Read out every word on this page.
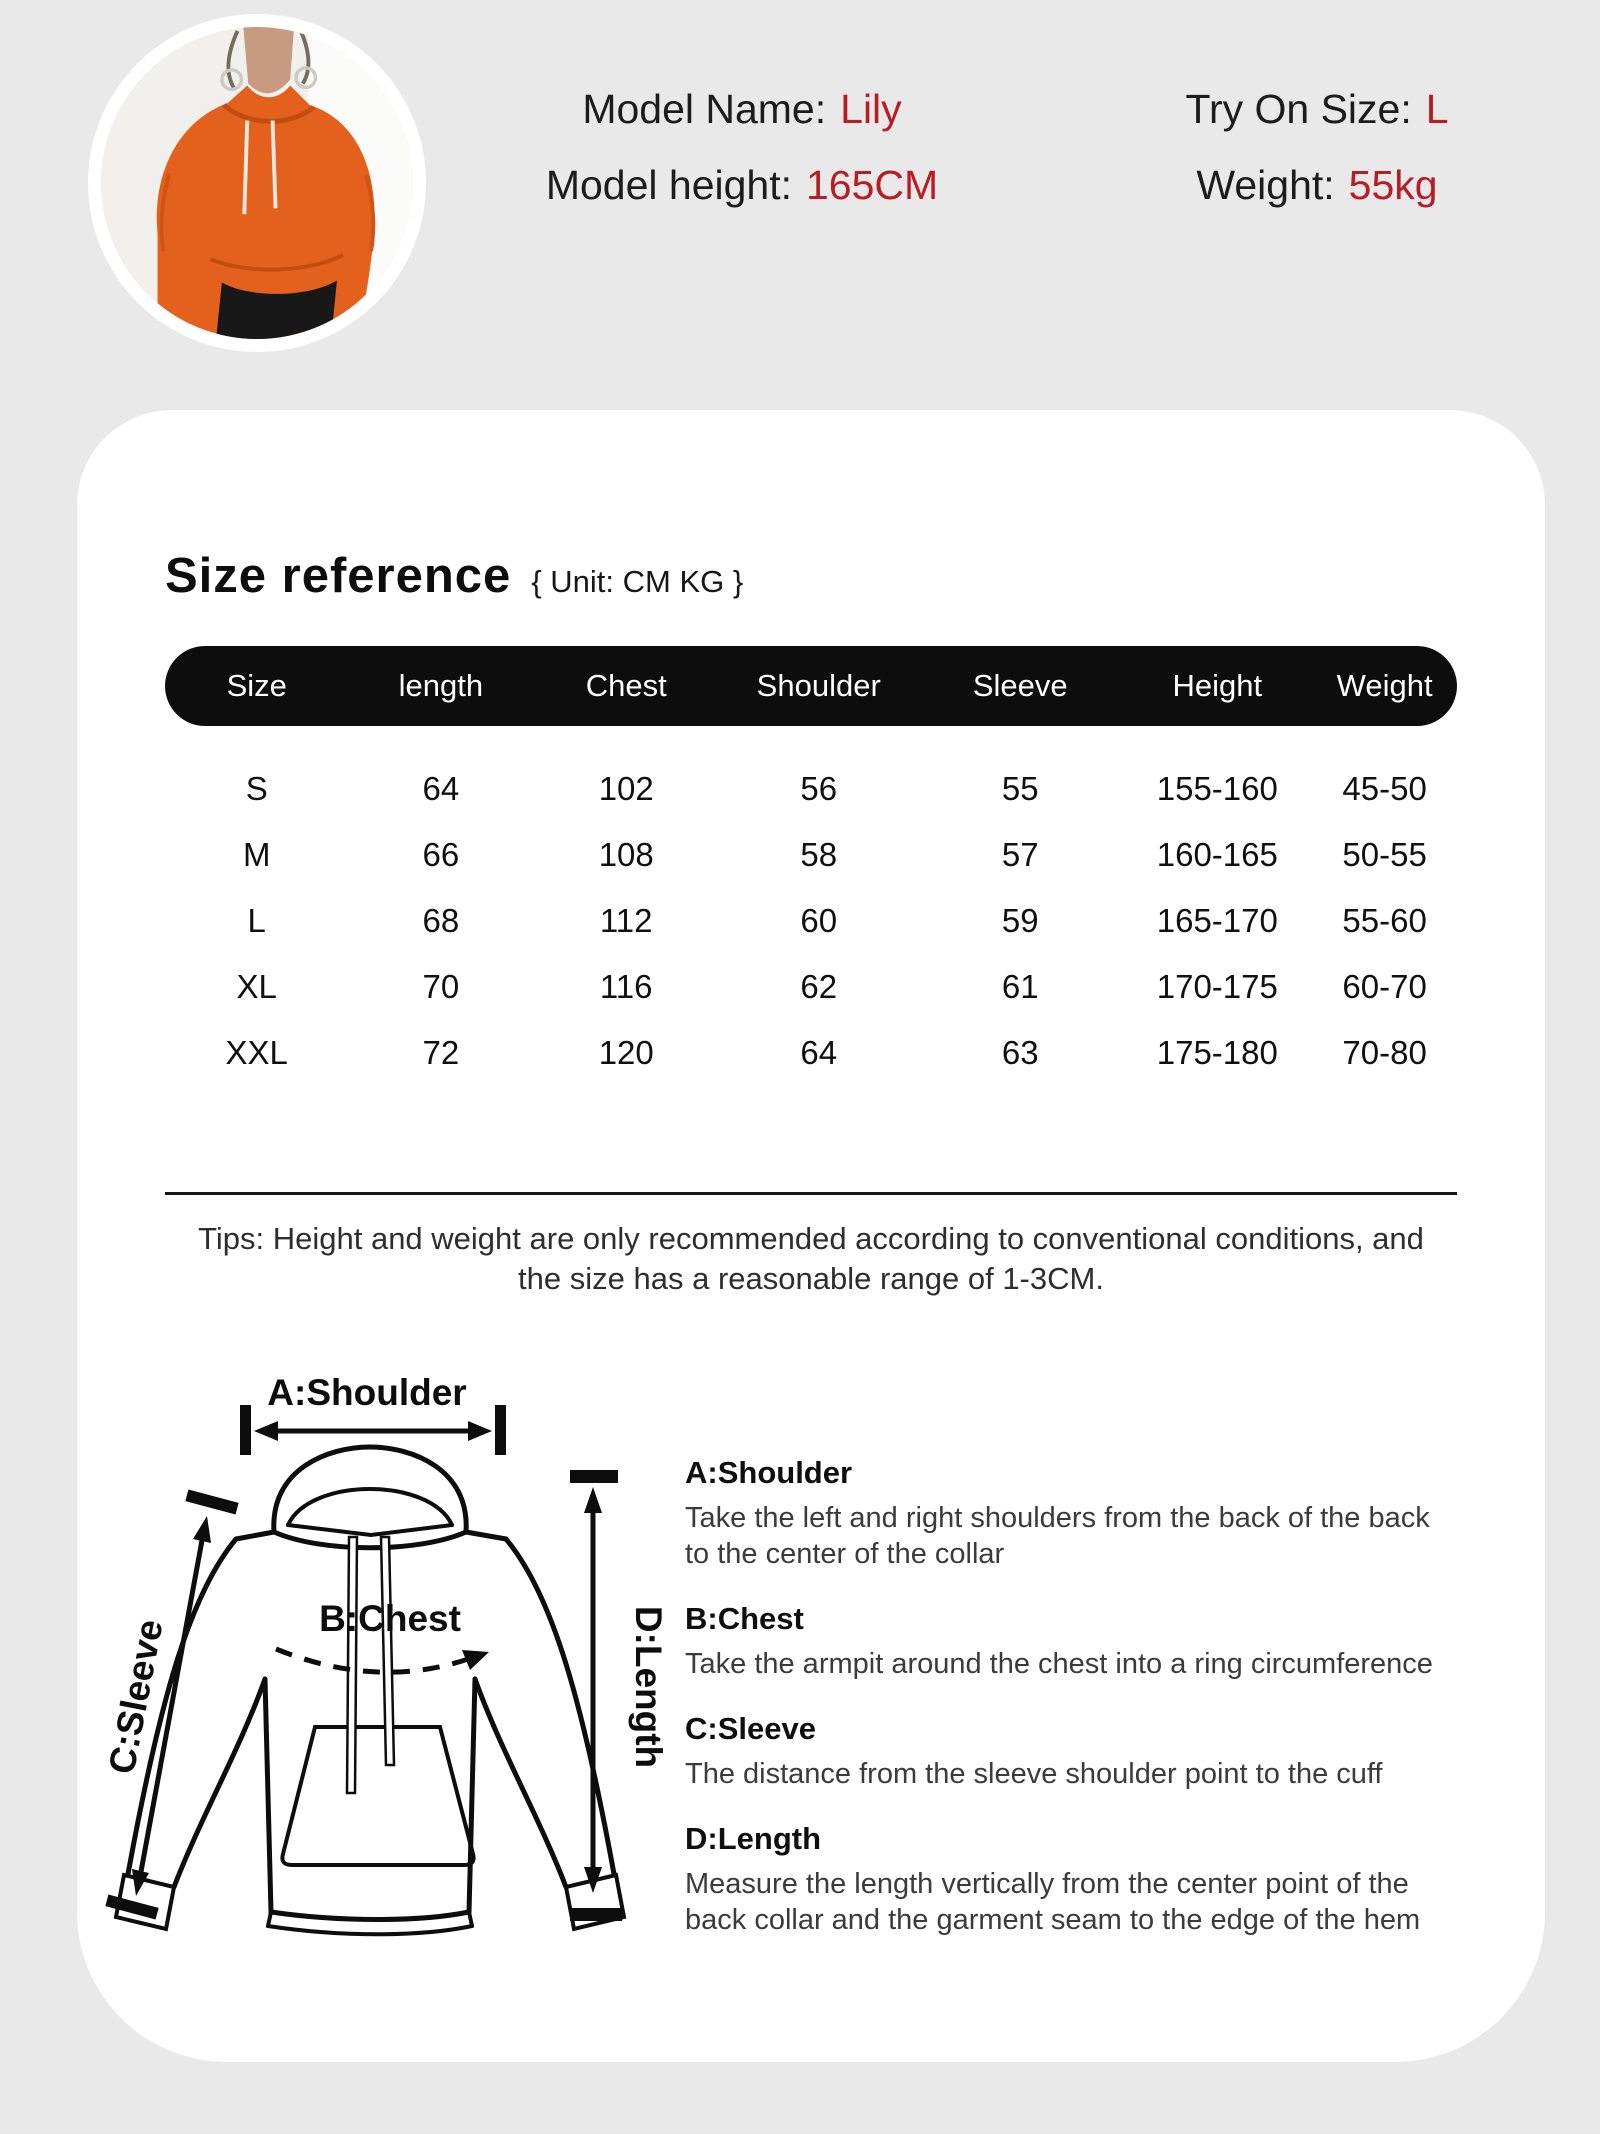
Model Name: Lily	Try On Size: L
Model height: 165CM	Weight: 55kg
Size reference { Unit: CM KG }
Size	length	Chest	Shoulder	Sleeve	Height	Weight
S	64	102	56	55	155-160	45-50
M	66	108	58	57	160-165	50-55
L	68	112	60	59	165-170	55-60
XL	70	116	62	61	170-175	60-70
XXL	72	120	64	63	175-180	70-80

Tips: Height and weight are only recommended according to conventional conditions, and the size has a reasonable range of 1-3CM.

A:Shoulder
B:Chest
C:Sleeve	D:Length
A:Shoulder

Take the left and right shoulders from the back of the back to the center of the collar

B:Chest

Take the armpit around the chest into a ring circumference

C:Sleeve

The distance from the sleeve shoulder point to the cuff

D:Length

Measure the length vertically from the center point of the back collar and the garment seam to the edge of the hem
